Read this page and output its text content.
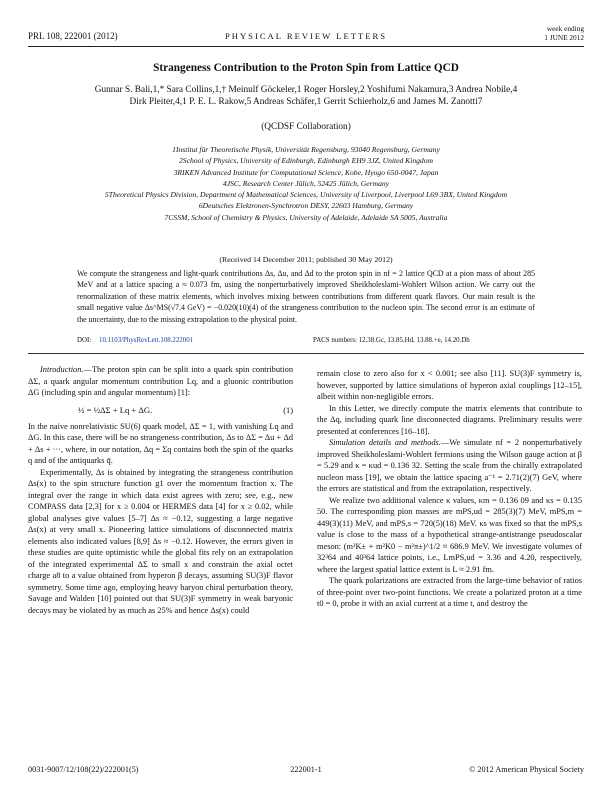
PRL 108, 222001 (2012)	PHYSICAL REVIEW LETTERS
week ending
1 JUNE 2012
Strangeness Contribution to the Proton Spin from Lattice QCD
Gunnar S. Bali,1,* Sara Collins,1,† Meinulf Göckeler,1 Roger Horsley,2 Yoshifumi Nakamura,3 Andrea Nobile,4
Dirk Pleiter,4,1 P. E. L. Rakow,5 Andreas Schäfer,1 Gerrit Schierholz,6 and James M. Zanotti7
(QCDSF Collaboration)
1Institut für Theoretische Physik, Universität Regensburg, 93040 Regensburg, Germany
2School of Physics, University of Edinburgh, Edinburgh EH9 3JZ, United Kingdom
3RIKEN Advanced Institute for Computational Science, Kobe, Hyogo 650-0047, Japan
4JSC, Research Center Jülich, 52425 Jülich, Germany
5Theoretical Physics Division, Department of Mathematical Sciences, University of Liverpool, Liverpool L69 3BX, United Kingdom
6Deutsches Elektronen-Synchrotron DESY, 22603 Hamburg, Germany
7CSSM, School of Chemistry & Physics, University of Adelaide, Adelaide SA 5005, Australia
(Received 14 December 2011; published 30 May 2012)
We compute the strangeness and light-quark contributions Δs, Δu, and Δd to the proton spin in nf = 2 lattice QCD at a pion mass of about 285 MeV and at a lattice spacing a ≈ 0.073 fm, using the nonperturbatively improved Sheikholeslami-Wohlert Wilson action. We carry out the renormalization of these matrix elements, which involves mixing between contributions from different quark flavors. Our main result is the small negative value Δs^MS(√7.4 GeV) = −0.020(10)(4) of the strangeness contribution to the nucleon spin. The second error is an estimate of the uncertainty, due to the missing extrapolation to the physical point.
DOI: 10.1103/PhysRevLett.108.222001	PACS numbers: 12.38.Gc, 13.85.Hd, 13.88.+e, 14.20.Dh

Introduction.—The proton spin can be split into a quark spin contribution ΔΣ, a quark angular momentum contribution Lq, and a gluonic contribution ΔG (including spin and angular momentum) [1]:

½ = ½ΔΣ + Lq + ΔG.	(1)

In the naive nonrelativistic SU(6) quark model, ΔΣ = 1, with vanishing Lq and ΔG. In this case, there will be no strangeness contribution, Δs to ΔΣ = Δu + Δd + Δs + ···, where, in our notation, Δq = Σq contains both the spin of the quarks q and of the antiquarks q̄.

Experimentally, Δs is obtained by integrating the strangeness contribution Δs(x) to the spin structure function g1 over the momentum fraction x. The integral over the range in which data exist agrees with zero; see, e.g., new COMPASS data [2,3] for x ≥ 0.004 or HERMES data [4] for x ≥ 0.02, while global analyses give values [5–7] Δs ≈ −0.12, suggesting a large negative Δs(x) at very small x. Pioneering lattice simulations of disconnected matrix elements also indicated values [8,9] Δs ≈ −0.12. However, the errors given in these studies are quite optimistic while the global fits rely on an extrapolation of the integrated experimental ΔΣ to small x and constrain the axial octet charge a8 to a value obtained from hyperon β decays, assuming SU(3)F flavor symmetry. Some time ago, employing heavy baryon chiral perturbation theory, Savage and Walden [10] pointed out that SU(3)F symmetry in weak baryonic decays may be violated by as much as 25% and hence Δs(x) could

remain close to zero also for x < 0.001; see also [11]. SU(3)F symmetry is, however, supported by lattice simulations of hyperon axial couplings [12–15], albeit within non-negligible errors.

In this Letter, we directly compute the matrix elements that contribute to the Δq, including quark line disconnected diagrams. Preliminary results were presented at conferences [16–18].

Simulation details and methods.—We simulate nf = 2 nonperturbatively improved Sheikholeslami-Wohlert fermions using the Wilson gauge action at β = 5.29 and κ = κud = 0.136 32. Setting the scale from the chirally extrapolated nucleon mass [19], we obtain the lattice spacing a⁻¹ = 2.71(2)(7) GeV, where the errors are statistical and from the extrapolation, respectively.

We realize two additional valence κ values, κm = 0.136 09 and κs = 0.135 50. The corresponding pion masses are mPS,ud = 285(3)(7) MeV, mPS,m = 449(3)(11) MeV, and mPS,s = 720(5)(18) MeV. κs was fixed so that the mPS,s value is close to the mass of a hypothetical strange-antistrange pseudoscalar meson: (m²K± + m²K0 − m²π±)^1/2 ≈ 686.9 MeV. We investigate volumes of 32³64 and 40³64 lattice points, i.e., LmPS,ud = 3.36 and 4.20, respectively, where the largest spatial lattice extent is L ≈ 2.91 fm.

The quark polarizations are extracted from the large-time behavior of ratios of three-point over two-point functions. We create a polarized proton at a time t0 = 0, probe it with an axial current at a time t, and destroy the

0031-9007/12/108(22)/222001(5)	222001-1	© 2012 American Physical Society
